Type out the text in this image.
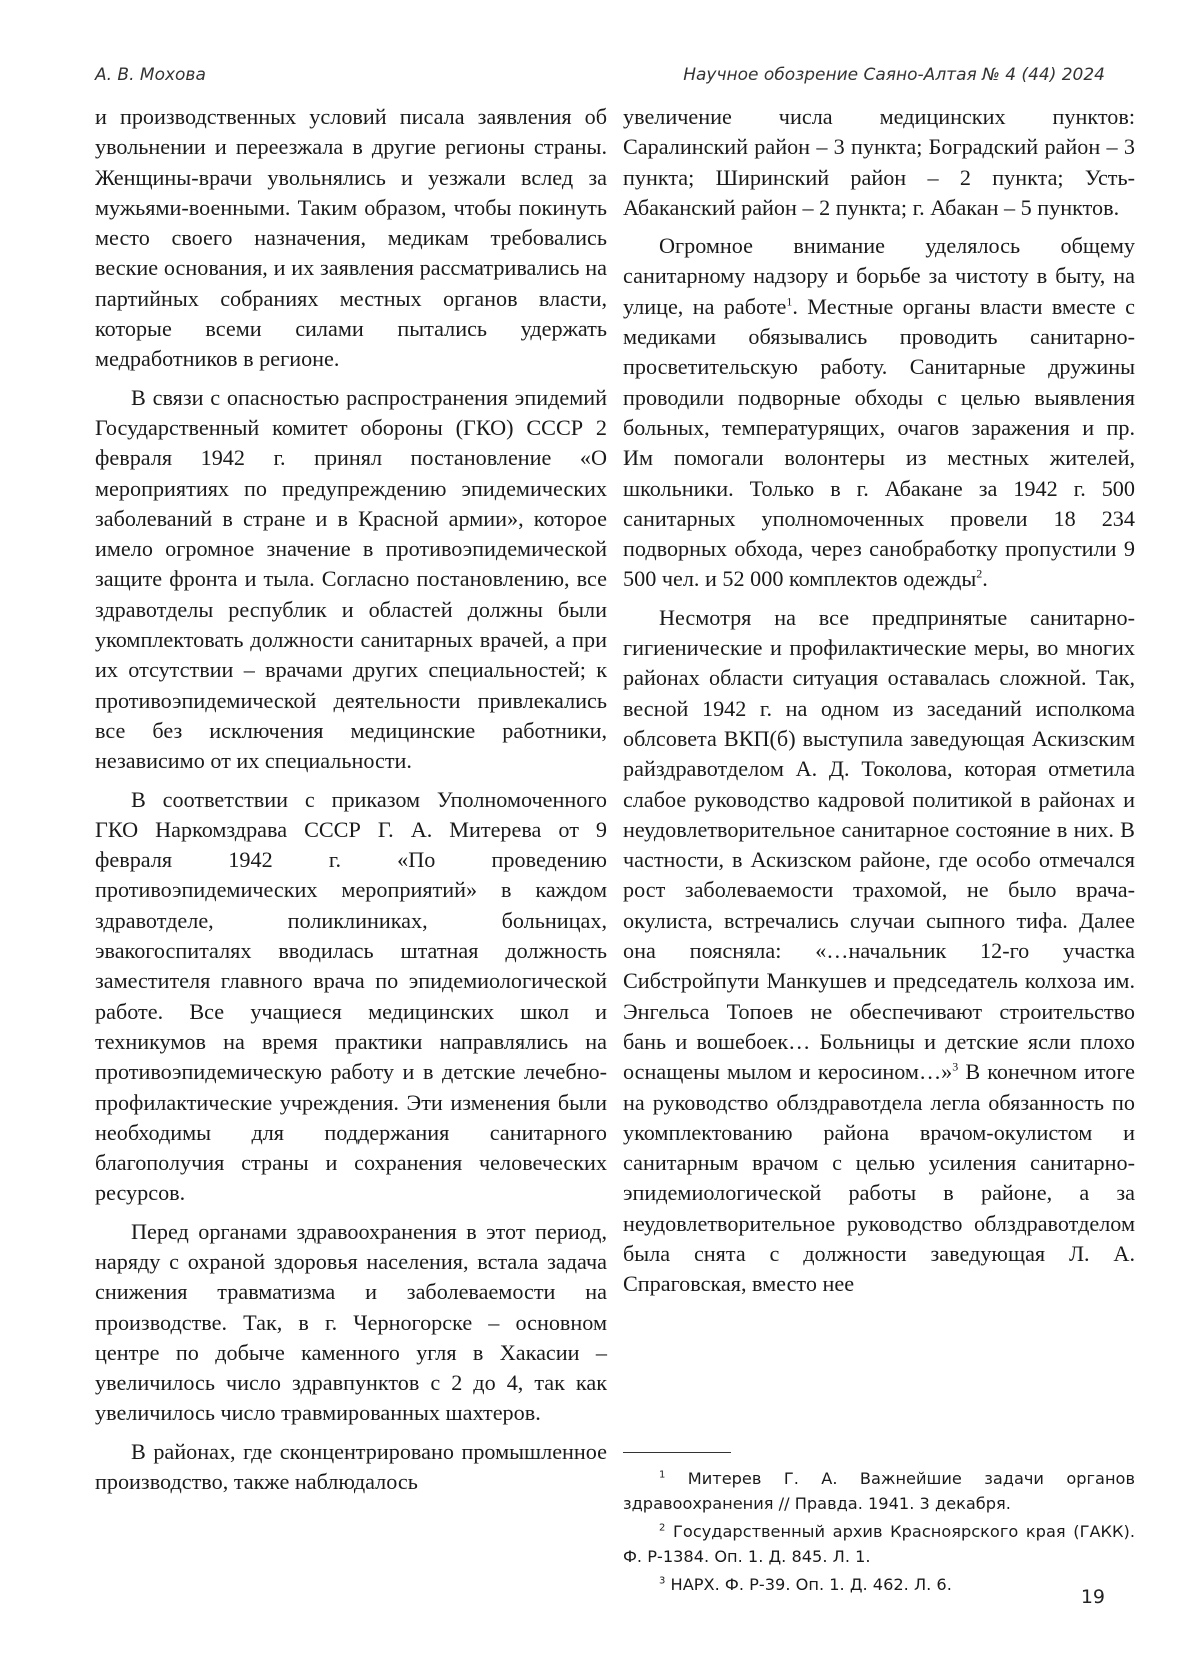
А. В. Мохова	Научное обозрение Саяно-Алтая № 4 (44) 2024

и производственных условий писала заявления об увольнении и переезжала в другие регионы страны. Женщины-врачи увольнялись и уезжали вслед за мужьями-военными. Таким образом, чтобы покинуть место своего назначения, медикам требовались веские основания, и их заявления рассматривались на партийных собраниях местных органов власти, которые всеми силами пытались удержать медработников в регионе.

В связи с опасностью распространения эпидемий Государственный комитет обороны (ГКО) СССР 2 февраля 1942 г. принял постановление «О мероприятиях по предупреждению эпидемических заболеваний в стране и в Красной армии», которое имело огромное значение в противоэпидемической защите фронта и тыла. Согласно постановлению, все здравотделы республик и областей должны были укомплектовать должности санитарных врачей, а при их отсутствии – врачами других специальностей; к противоэпидемической деятельности привлекались все без исключения медицинские работники, независимо от их специальности.

В соответствии с приказом Уполномоченного ГКО Наркомздрава СССР Г. А. Митерева от 9 февраля 1942 г. «По проведению противоэпидемических мероприятий» в каждом здравотделе, поликлиниках, больницах, эвакогоспиталях вводилась штатная должность заместителя главного врача по эпидемиологической работе. Все учащиеся медицинских школ и техникумов на время практики направлялись на противоэпидемическую работу и в детские лечебно-профилактические учреждения. Эти изменения были необходимы для поддержания санитарного благополучия страны и сохранения человеческих ресурсов.

Перед органами здравоохранения в этот период, наряду с охраной здоровья населения, встала задача снижения травматизма и заболеваемости на производстве. Так, в г. Черногорске – основном центре по добыче каменного угля в Хакасии – увеличилось число здравпунктов с 2 до 4, так как увеличилось число травмированных шахтеров.

В районах, где сконцентрировано промышленное производство, также наблюдалось

увеличение числа медицинских пунктов: Саралинский район – 3 пункта; Боградский район – 3 пункта; Ширинский район – 2 пункта; Усть-Абаканский район – 2 пункта; г. Абакан – 5 пунктов.

Огромное внимание уделялось общему санитарному надзору и борьбе за чистоту в быту, на улице, на работе$^1$. Местные органы власти вместе с медиками обязывались проводить санитарно-просветительскую работу. Санитарные дружины проводили подворные обходы с целью выявления больных, температурящих, очагов заражения и пр. Им помогали волонтеры из местных жителей, школьники. Только в г. Абакане за 1942 г. 500 санитарных уполномоченных провели 18 234 подворных обхода, через санобработку пропустили 9 500 чел. и 52 000 комплектов одежды$^2$.

Несмотря на все предпринятые санитарно-гигиенические и профилактические меры, во многих районах области ситуация оставалась сложной. Так, весной 1942 г. на одном из заседаний исполкома облсовета ВКП(б) выступила заведующая Аскизским райздравотделом А. Д. Токолова, которая отметила слабое руководство кадровой политикой в районах и неудовлетворительное санитарное состояние в них. В частности, в Аскизском районе, где особо отмечался рост заболеваемости трахомой, не было врача-окулиста, встречались случаи сыпного тифа. Далее она поясняла: «…начальник 12-го участка Сибстройпути Манкушев и председатель колхоза им. Энгельса Топоев не обеспечивают строительство бань и вошебоек… Больницы и детские ясли плохо оснащены мылом и керосином…»$^3$ В конечном итоге на руководство облздравотдела легла обязанность по укомплектованию района врачом-окулистом и санитарным врачом с целью усиления санитарно-эпидемиологической работы в районе, а за неудовлетворительное руководство облздравотделом была снята с должности заведующая Л. А. Спраговская, вместо нее

$^1$ Митерев Г. А. Важнейшие задачи органов здравоохранения // Правда. 1941. 3 декабря.

$^2$ Государственный архив Красноярского края (ГАКК). Ф. Р-1384. Оп. 1. Д. 845. Л. 1.

$^3$ НАРХ. Ф. Р-39. Оп. 1. Д. 462. Л. 6.

19
